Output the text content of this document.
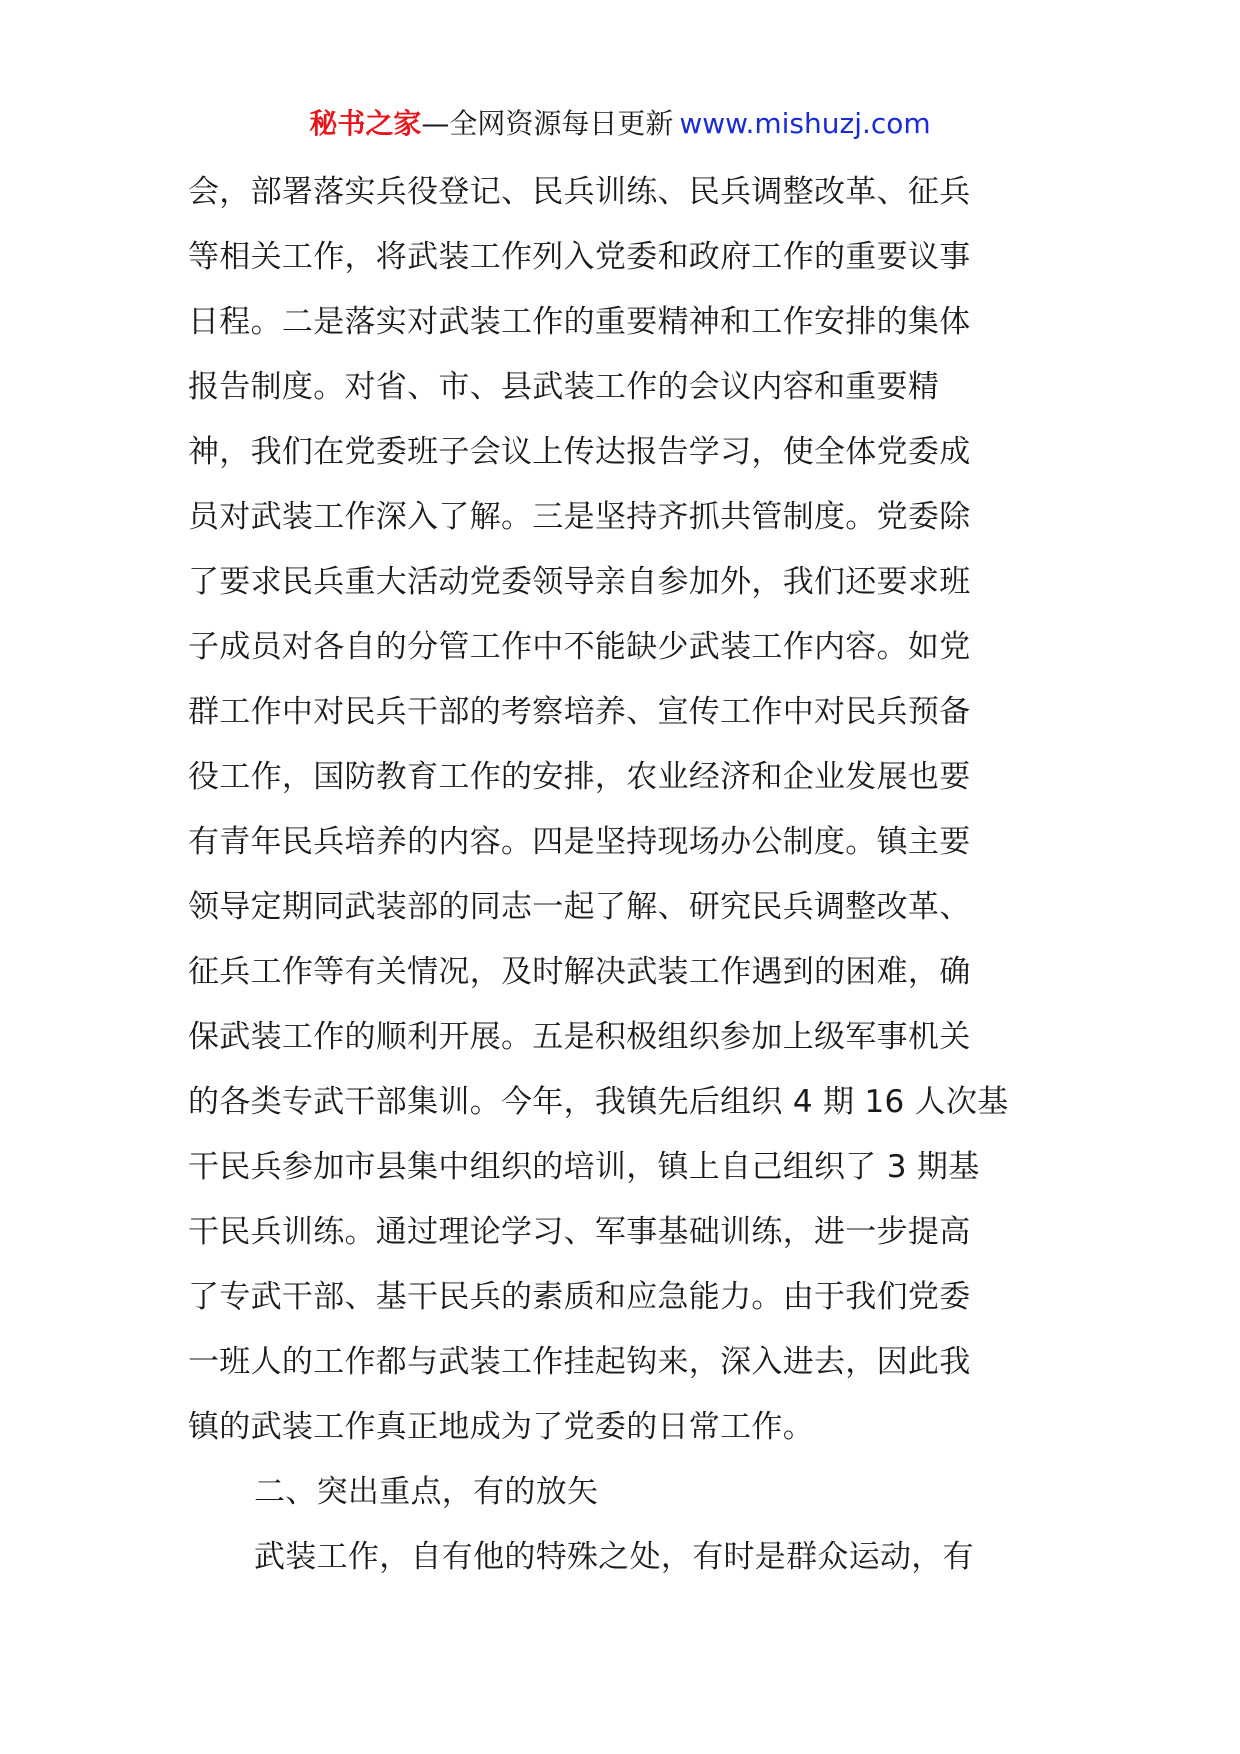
秘书之家—全网资源每日更新 www.mishuzj.com
会，部署落实兵役登记、民兵训练、民兵调整改革、征兵
等相关工作，将武装工作列入党委和政府工作的重要议事
日程。二是落实对武装工作的重要精神和工作安排的集体
报告制度。对省、市、县武装工作的会议内容和重要精
神，我们在党委班子会议上传达报告学习，使全体党委成
员对武装工作深入了解。三是坚持齐抓共管制度。党委除
了要求民兵重大活动党委领导亲自参加外，我们还要求班
子成员对各自的分管工作中不能缺少武装工作内容。如党
群工作中对民兵干部的考察培养、宣传工作中对民兵预备
役工作，国防教育工作的安排，农业经济和企业发展也要
有青年民兵培养的内容。四是坚持现场办公制度。镇主要
领导定期同武装部的同志一起了解、研究民兵调整改革、
征兵工作等有关情况，及时解决武装工作遇到的困难，确
保武装工作的顺利开展。五是积极组织参加上级军事机关
的各类专武干部集训。今年，我镇先后组织 4 期 16 人次基
干民兵参加市县集中组织的培训，镇上自己组织了 3 期基
干民兵训练。通过理论学习、军事基础训练，进一步提高
了专武干部、基干民兵的素质和应急能力。由于我们党委
一班人的工作都与武装工作挂起钩来，深入进去，因此我
镇的武装工作真正地成为了党委的日常工作。
二、突出重点，有的放矢
武装工作，自有他的特殊之处，有时是群众运动，有
